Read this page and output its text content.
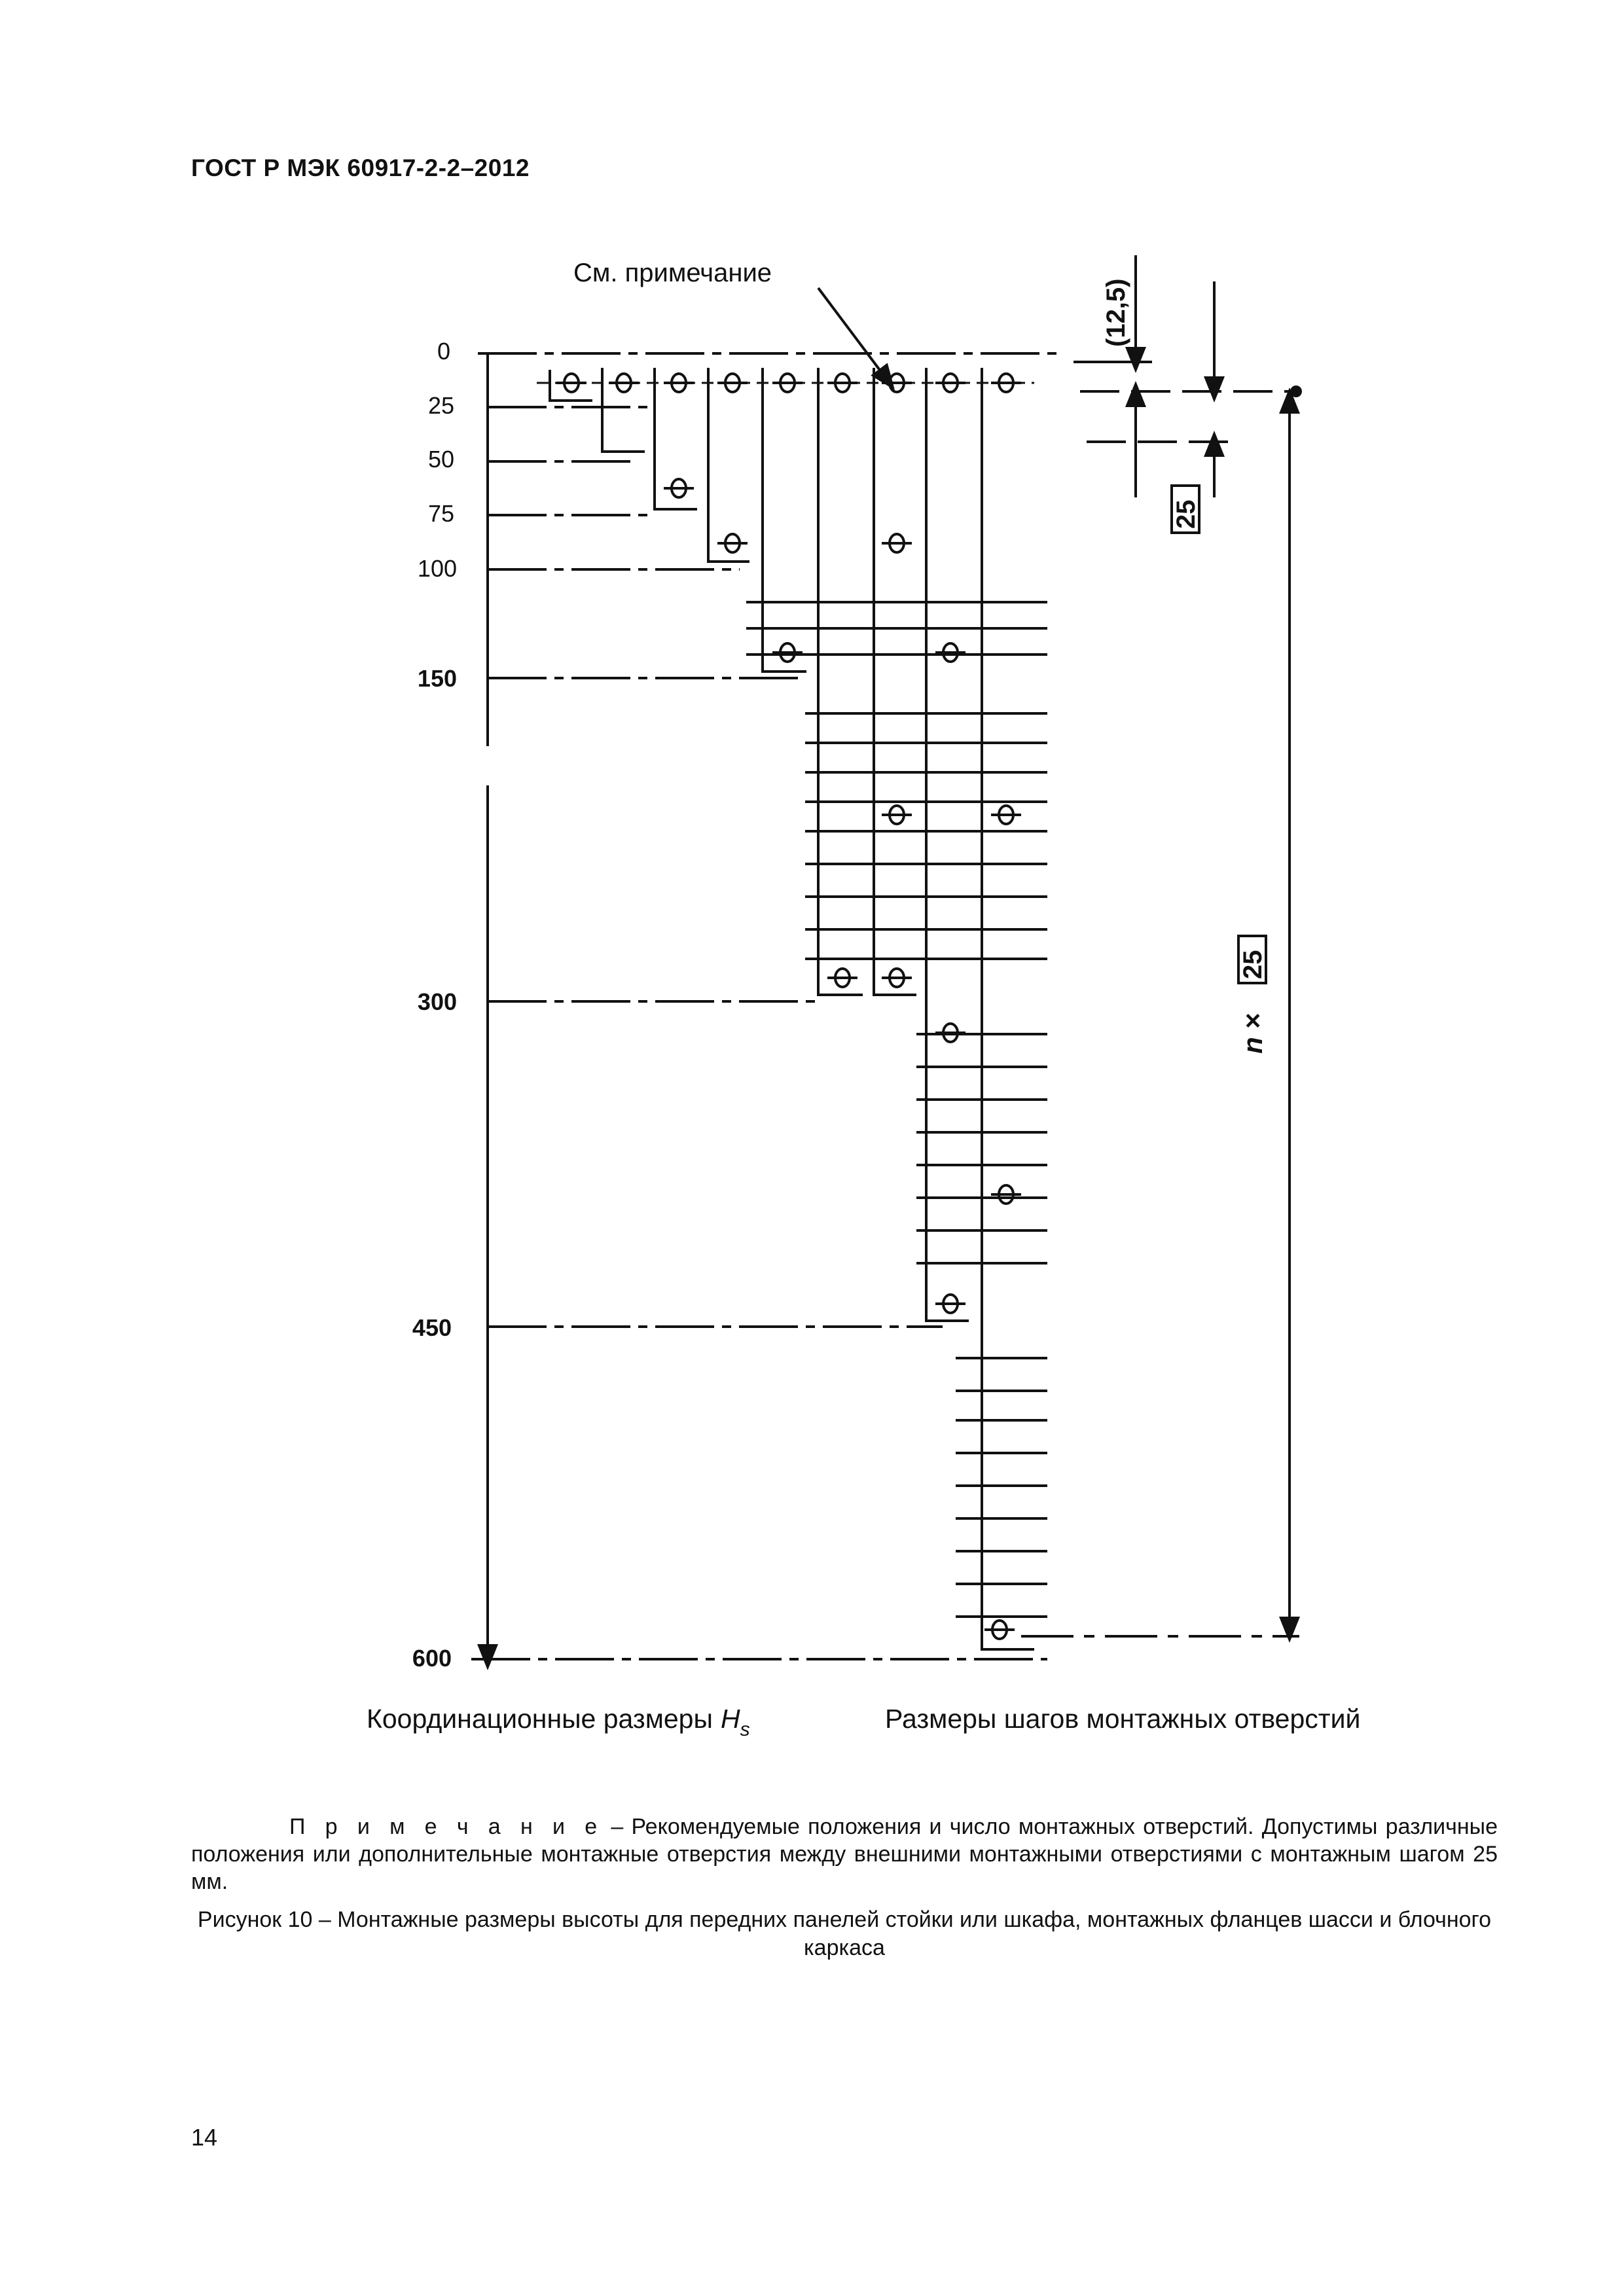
ГОСТ Р МЭК 60917-2-2–2012
См. примечание
0
25
50
75
100
150
300
450
600
(12,5)
25
n ×
25
Координационные размеры $H_s$	Размеры шагов монтажных отверстий
П р и м е ч а н и е – Рекомендуемые положения и число монтажных отверстий. Допустимы различные положения или дополнительные монтажные отверстия между внешними монтажными отверстиями с монтажным шагом 25 мм.
Рисунок 10 – Монтажные размеры высоты для передних панелей стойки или шкафа, монтажных фланцев шасси и блочного каркаса
14
